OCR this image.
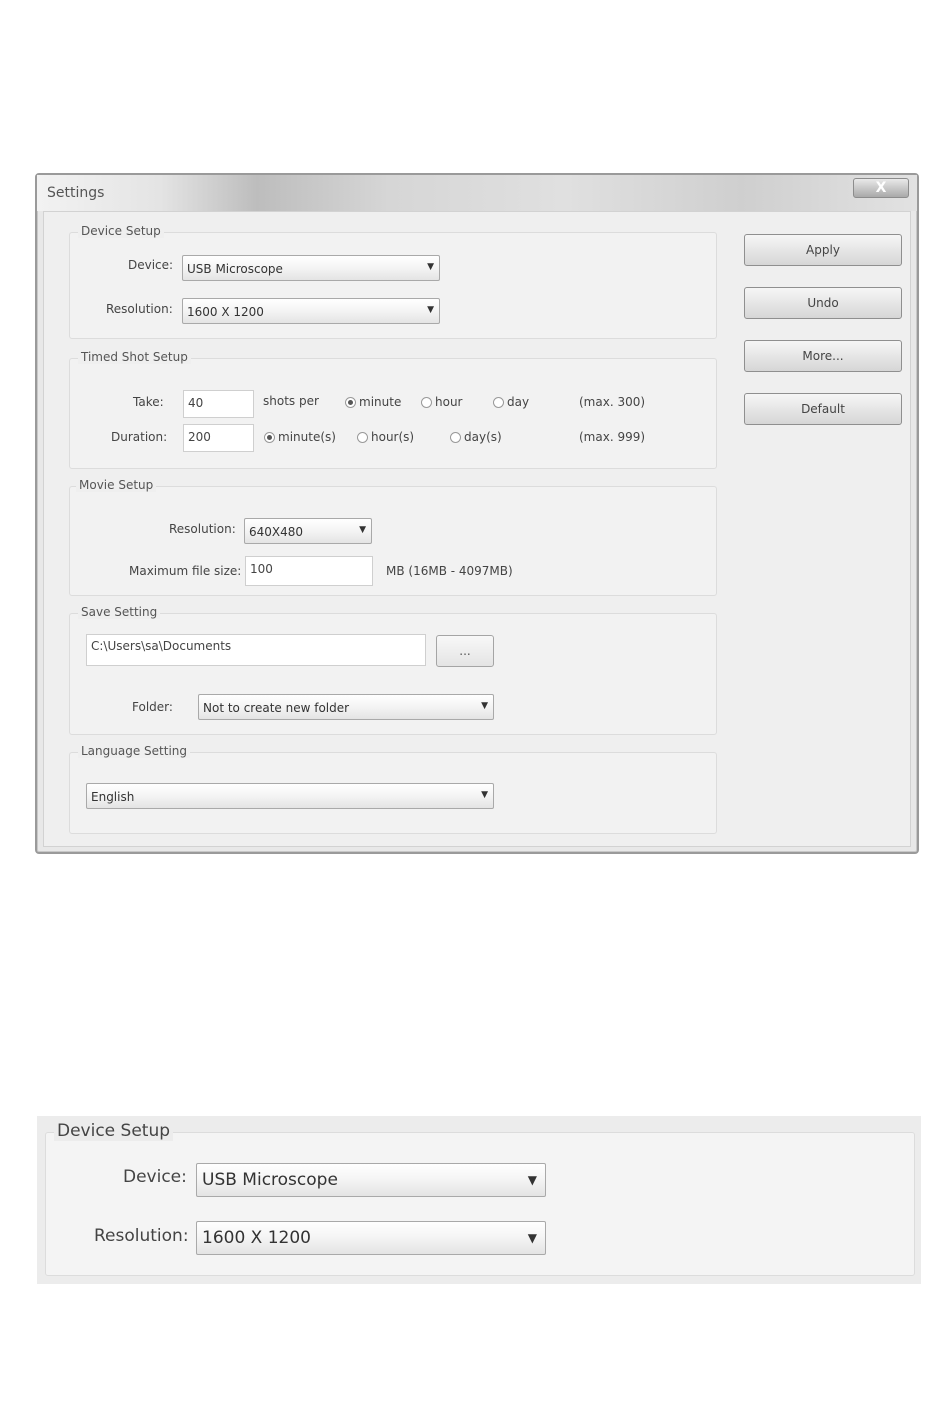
Settings	X
Device Setup
Device: USB Microscope	▼
Resolution: 1600 X 1200	▼
Timed Shot Setup
Take: 40	shots per	minute	hour	day	(max. 300)
Duration: 200	minute(s)	hour(s)	day(s)	(max. 999)
Movie Setup
Resolution: 640X480	▼
Maximum file size: 100	MB (16MB - 4097MB)
Save Setting
C:\Users\sa\Documents	...
Folder:	Not to create new folder	▼
Language Setting
English	▼
Apply
Undo
More...
Default
Device Setup
Device: USB Microscope	▼
Resolution: 1600 X 1200	▼
